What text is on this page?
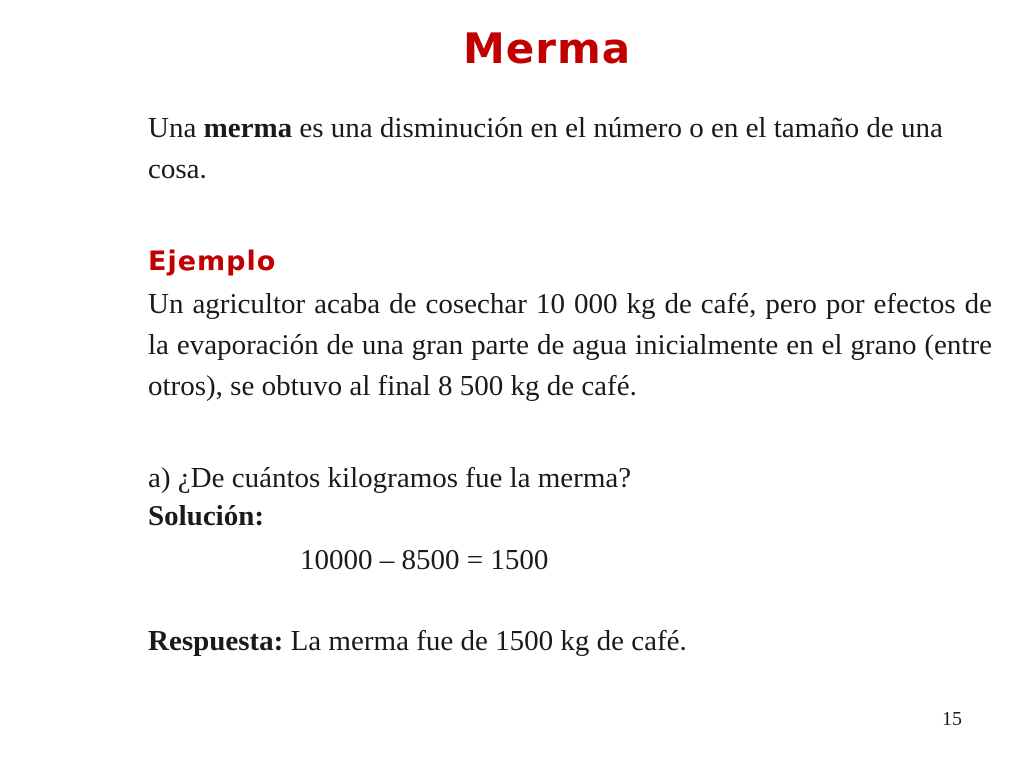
Merma

Una merma es una disminución en el número o en el tamaño de una cosa.

Ejemplo

Un agricultor acaba de cosechar 10 000 kg de café, pero por efectos de la evaporación de una gran parte de agua inicialmente en el grano (entre otros), se obtuvo al final 8 500 kg de café.

a) ¿De cuántos kilogramos fue la merma?
Solución:
10000 – 8500 = 1500
Respuesta: La merma fue de 1500 kg de café.
15
